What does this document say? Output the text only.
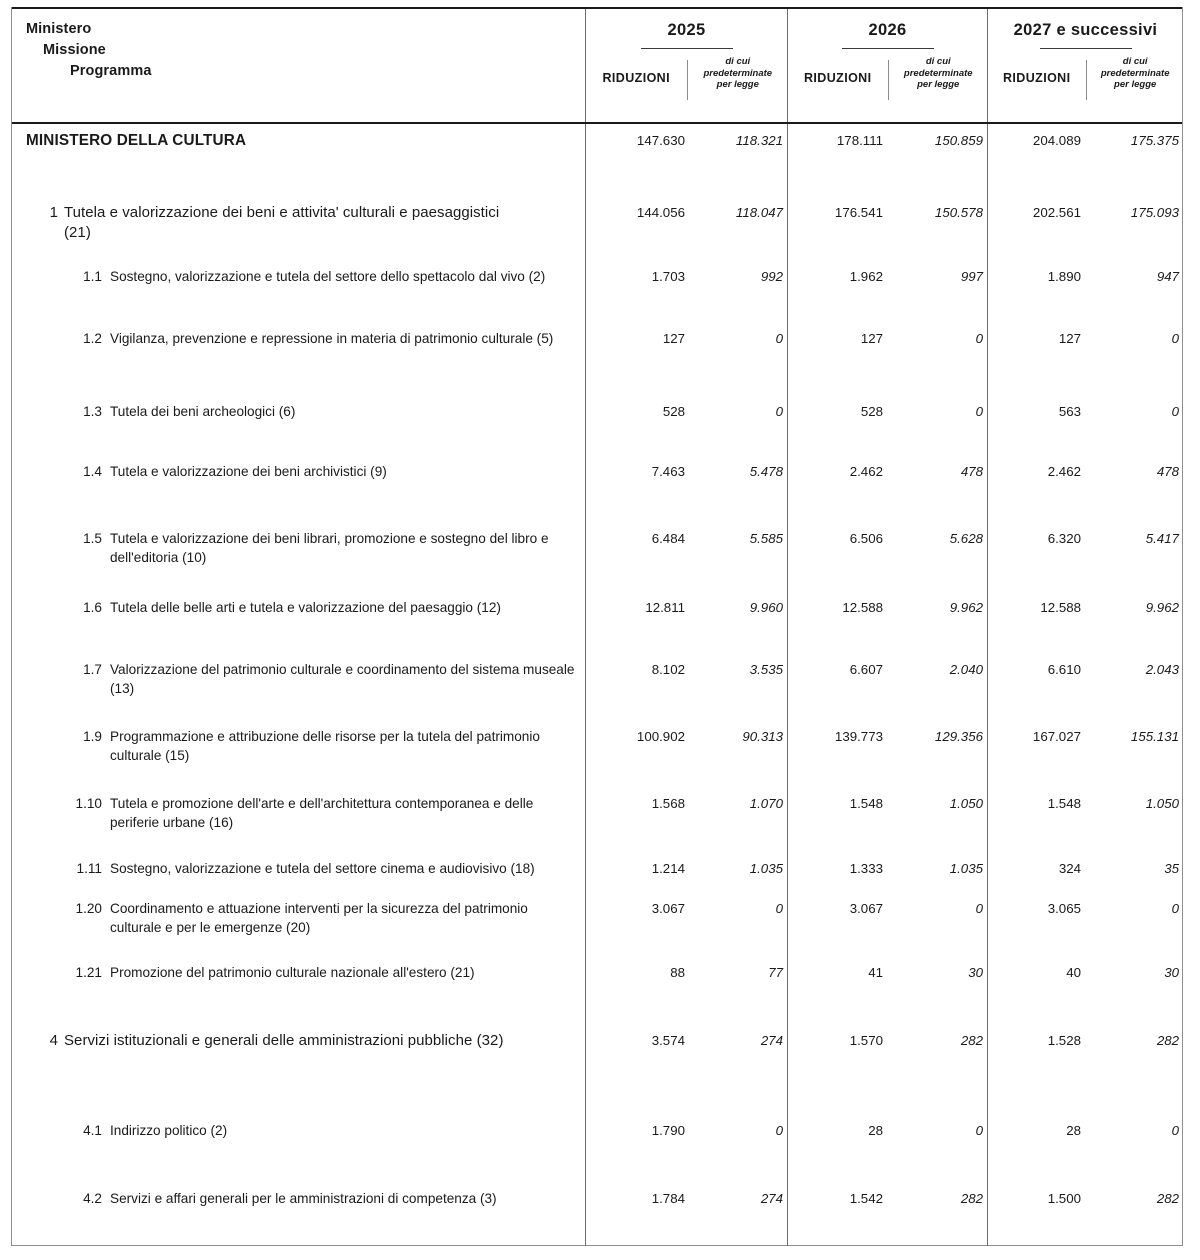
Ministero
Missione
Programma
2025
RIDUZIONI
di cui
predeterminate
per legge
2026
RIDUZIONI
di cui
predeterminate
per legge
2027 e successivi
RIDUZIONI
di cui
predeterminate
per legge
MINISTERO DELLA CULTURA	147.630	118.321	178.111	150.859	204.089	175.375
1 Tutela e valorizzazione dei beni e attivita' culturali e paesaggistici (21)
144.056	118.047	176.541	150.578	202.561	175.093
1.1 Sostegno, valorizzazione e tutela del settore dello spettacolo dal vivo (2)	1.703	992	1.962	997	1.890	947
1.2 Vigilanza, prevenzione e repressione in materia di patrimonio culturale (5)	127	0	127	0	127	0
1.3 Tutela dei beni archeologici (6)	528	0	528	0	563	0
1.4 Tutela e valorizzazione dei beni archivistici (9)	7.463	5.478	2.462	478	2.462	478
1.5 Tutela e valorizzazione dei beni librari, promozione e sostegno del libro e dell'editoria (10)
6.484	5.585	6.506	5.628	6.320	5.417
1.6 Tutela delle belle arti e tutela e valorizzazione del paesaggio (12)	12.811	9.960	12.588	9.962	12.588	9.962
1.7 Valorizzazione del patrimonio culturale e coordinamento del sistema museale (13)
8.102	3.535	6.607	2.040	6.610	2.043
1.9 Programmazione e attribuzione delle risorse per la tutela del patrimonio culturale (15)
100.902	90.313	139.773	129.356	167.027	155.131
1.10 Tutela e promozione dell'arte e dell'architettura contemporanea e delle periferie urbane (16)
1.568	1.070	1.548	1.050	1.548	1.050
1.11 Sostegno, valorizzazione e tutela del settore cinema e audiovisivo (18)	1.214	1.035	1.333	1.035	324	35
1.20 Coordinamento e attuazione interventi per la sicurezza del patrimonio culturale e per le emergenze (20)
3.067	0	3.067	0	3.065	0
1.21 Promozione del patrimonio culturale nazionale all'estero (21)	88	77	41	30	40	30
4 Servizi istituzionali e generali delle amministrazioni pubbliche (32)	3.574	274	1.570	282	1.528	282
4.1 Indirizzo politico (2)	1.790	0	28	0	28	0
4.2 Servizi e affari generali per le amministrazioni di competenza (3)	1.784	274	1.542	282	1.500	282
